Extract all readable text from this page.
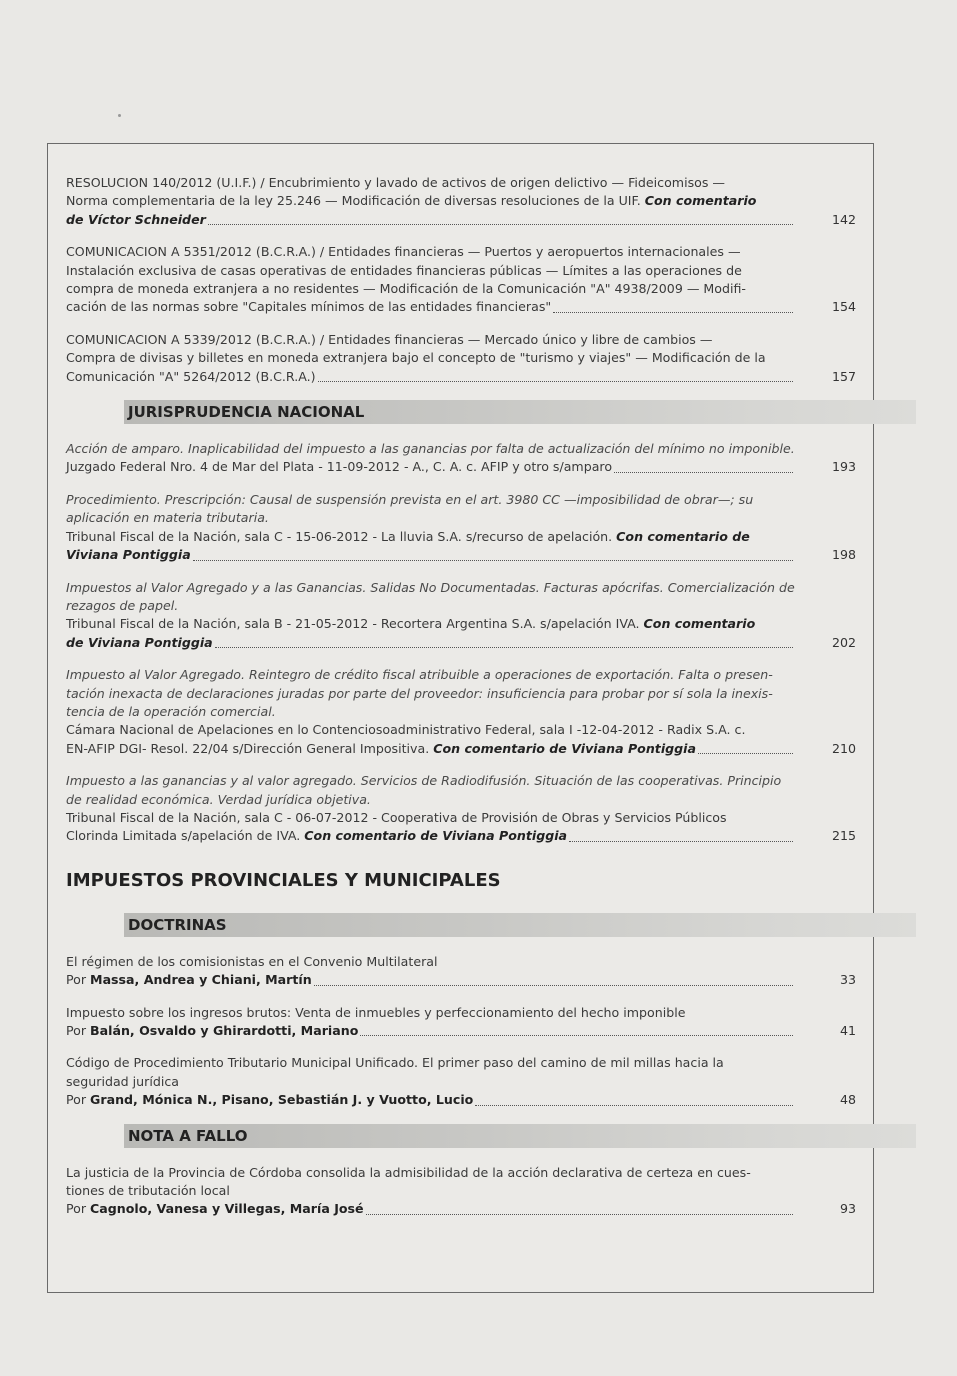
RESOLUCION 140/2012 (U.I.F.) / Encubrimiento y lavado de activos de origen delictivo — Fideicomisos —

Norma complementaria de la ley 25.246 — Modificación de diversas resoluciones de la UIF. Con comentario

de Víctor Schneider	142

COMUNICACION A 5351/2012 (B.C.R.A.) / Entidades financieras — Puertos y aeropuertos internacionales —

Instalación exclusiva de casas operativas de entidades financieras públicas — Límites a las operaciones de

compra de moneda extranjera a no residentes — Modificación de la Comunicación "A" 4938/2009 — Modifi-

cación de las normas sobre "Capitales mínimos de las entidades financieras"	154

COMUNICACION A 5339/2012 (B.C.R.A.) / Entidades financieras — Mercado único y libre de cambios —

Compra de divisas y billetes en moneda extranjera bajo el concepto de "turismo y viajes" — Modificación de la

Comunicación "A" 5264/2012 (B.C.R.A.)	157
JURISPRUDENCIA NACIONAL

Acción de amparo. Inaplicabilidad del impuesto a las ganancias por falta de actualización del mínimo no imponible.

Juzgado Federal Nro. 4 de Mar del Plata - 11-09-2012 - A., C. A. c. AFIP y otro s/amparo	193

Procedimiento. Prescripción: Causal de suspensión prevista en el art. 3980 CC —imposibilidad de obrar—; su

aplicación en materia tributaria.

Tribunal Fiscal de la Nación, sala C - 15-06-2012 - La lluvia S.A. s/recurso de apelación. Con comentario de

Viviana Pontiggia	198

Impuestos al Valor Agregado y a las Ganancias. Salidas No Documentadas. Facturas apócrifas. Comercialización de

rezagos de papel.

Tribunal Fiscal de la Nación, sala B - 21-05-2012 - Recortera Argentina S.A. s/apelación IVA. Con comentario

de Viviana Pontiggia	202

Impuesto al Valor Agregado. Reintegro de crédito fiscal atribuible a operaciones de exportación. Falta o presen-

tación inexacta de declaraciones juradas por parte del proveedor: insuficiencia para probar por sí sola la inexis-

tencia de la operación comercial.

Cámara Nacional de Apelaciones en lo Contenciosoadministrativo Federal, sala I -12-04-2012 - Radix S.A. c.

EN-AFIP DGI- Resol. 22/04 s/Dirección General Impositiva. Con comentario de Viviana Pontiggia	210

Impuesto a las ganancias y al valor agregado. Servicios de Radiodifusión. Situación de las cooperativas. Principio

de realidad económica. Verdad jurídica objetiva.

Tribunal Fiscal de la Nación, sala C - 06-07-2012 - Cooperativa de Provisión de Obras y Servicios Públicos

Clorinda Limitada s/apelación de IVA. Con comentario de Viviana Pontiggia	215
IMPUESTOS PROVINCIALES Y MUNICIPALES
DOCTRINAS

El régimen de los comisionistas en el Convenio Multilateral

Por Massa, Andrea y Chiani, Martín	33

Impuesto sobre los ingresos brutos: Venta de inmuebles y perfeccionamiento del hecho imponible

Por Balán, Osvaldo y Ghirardotti, Mariano	41

Código de Procedimiento Tributario Municipal Unificado. El primer paso del camino de mil millas hacia la

seguridad jurídica

Por Grand, Mónica N., Pisano, Sebastián J. y Vuotto, Lucio	48
NOTA A FALLO

La justicia de la Provincia de Córdoba consolida la admisibilidad de la acción declarativa de certeza en cues-

tiones de tributación local

Por Cagnolo, Vanesa y Villegas, María José	93
